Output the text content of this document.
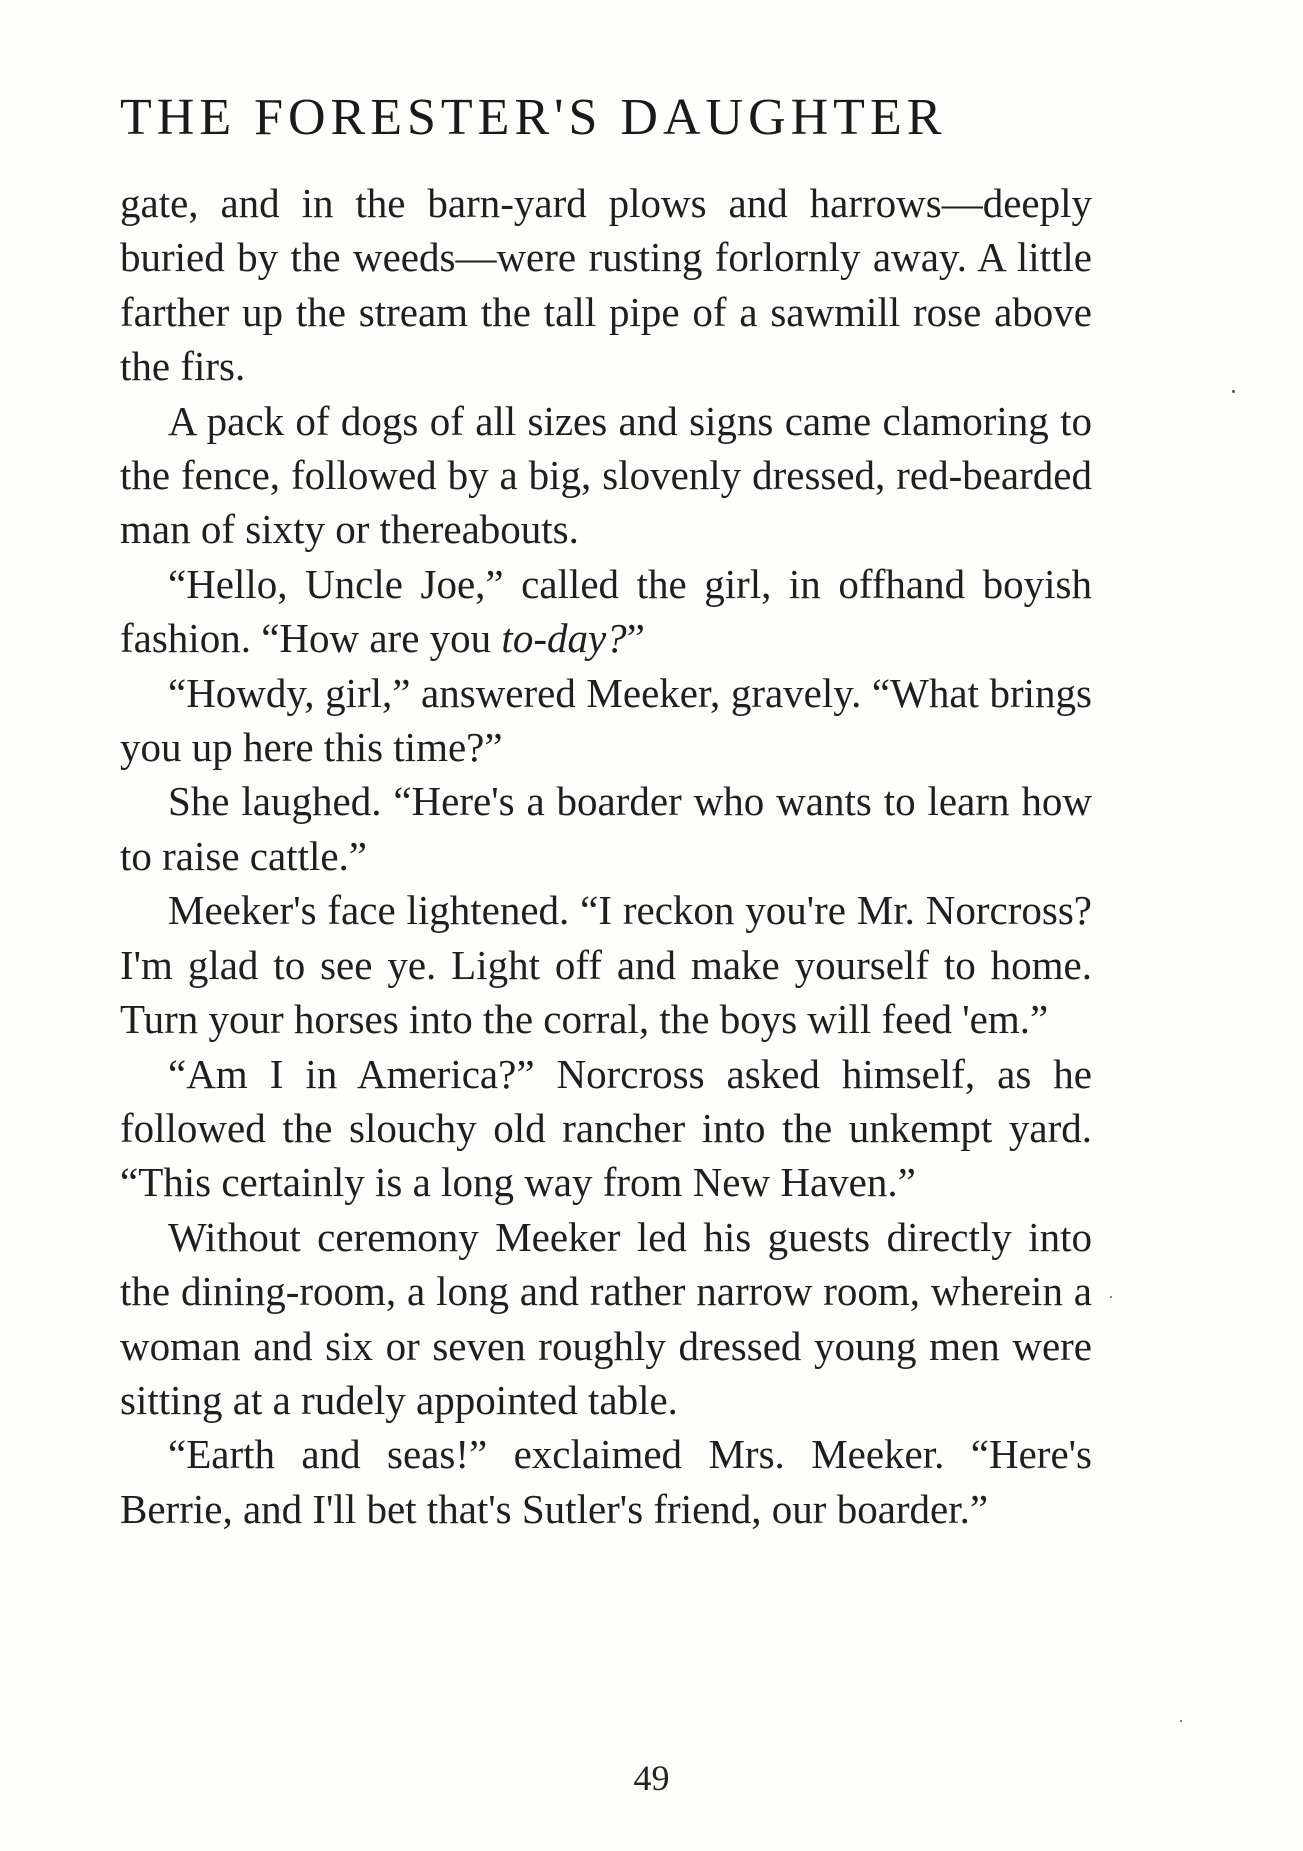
THE FORESTER'S DAUGHTER

gate, and in the barn-yard plows and harrows—deeply buried by the weeds—were rusting forlornly away. A little farther up the stream the tall pipe of a sawmill rose above the firs.

A pack of dogs of all sizes and signs came clamoring to the fence, followed by a big, slovenly dressed, red-bearded man of sixty or thereabouts.

“Hello, Uncle Joe,” called the girl, in offhand boyish fashion. “How are you to-day?”

“Howdy, girl,” answered Meeker, gravely. “What brings you up here this time?”

She laughed. “Here's a boarder who wants to learn how to raise cattle.”

Meeker's face lightened. “I reckon you're Mr. Norcross? I'm glad to see ye. Light off and make yourself to home. Turn your horses into the corral, the boys will feed 'em.”

“Am I in America?” Norcross asked himself, as he followed the slouchy old rancher into the unkempt yard. “This certainly is a long way from New Haven.”

Without ceremony Meeker led his guests directly into the dining-room, a long and rather narrow room, wherein a woman and six or seven roughly dressed young men were sitting at a rudely appointed table.

“Earth and seas!” exclaimed Mrs. Meeker. “Here's Berrie, and I'll bet that's Sutler's friend, our boarder.”

49
